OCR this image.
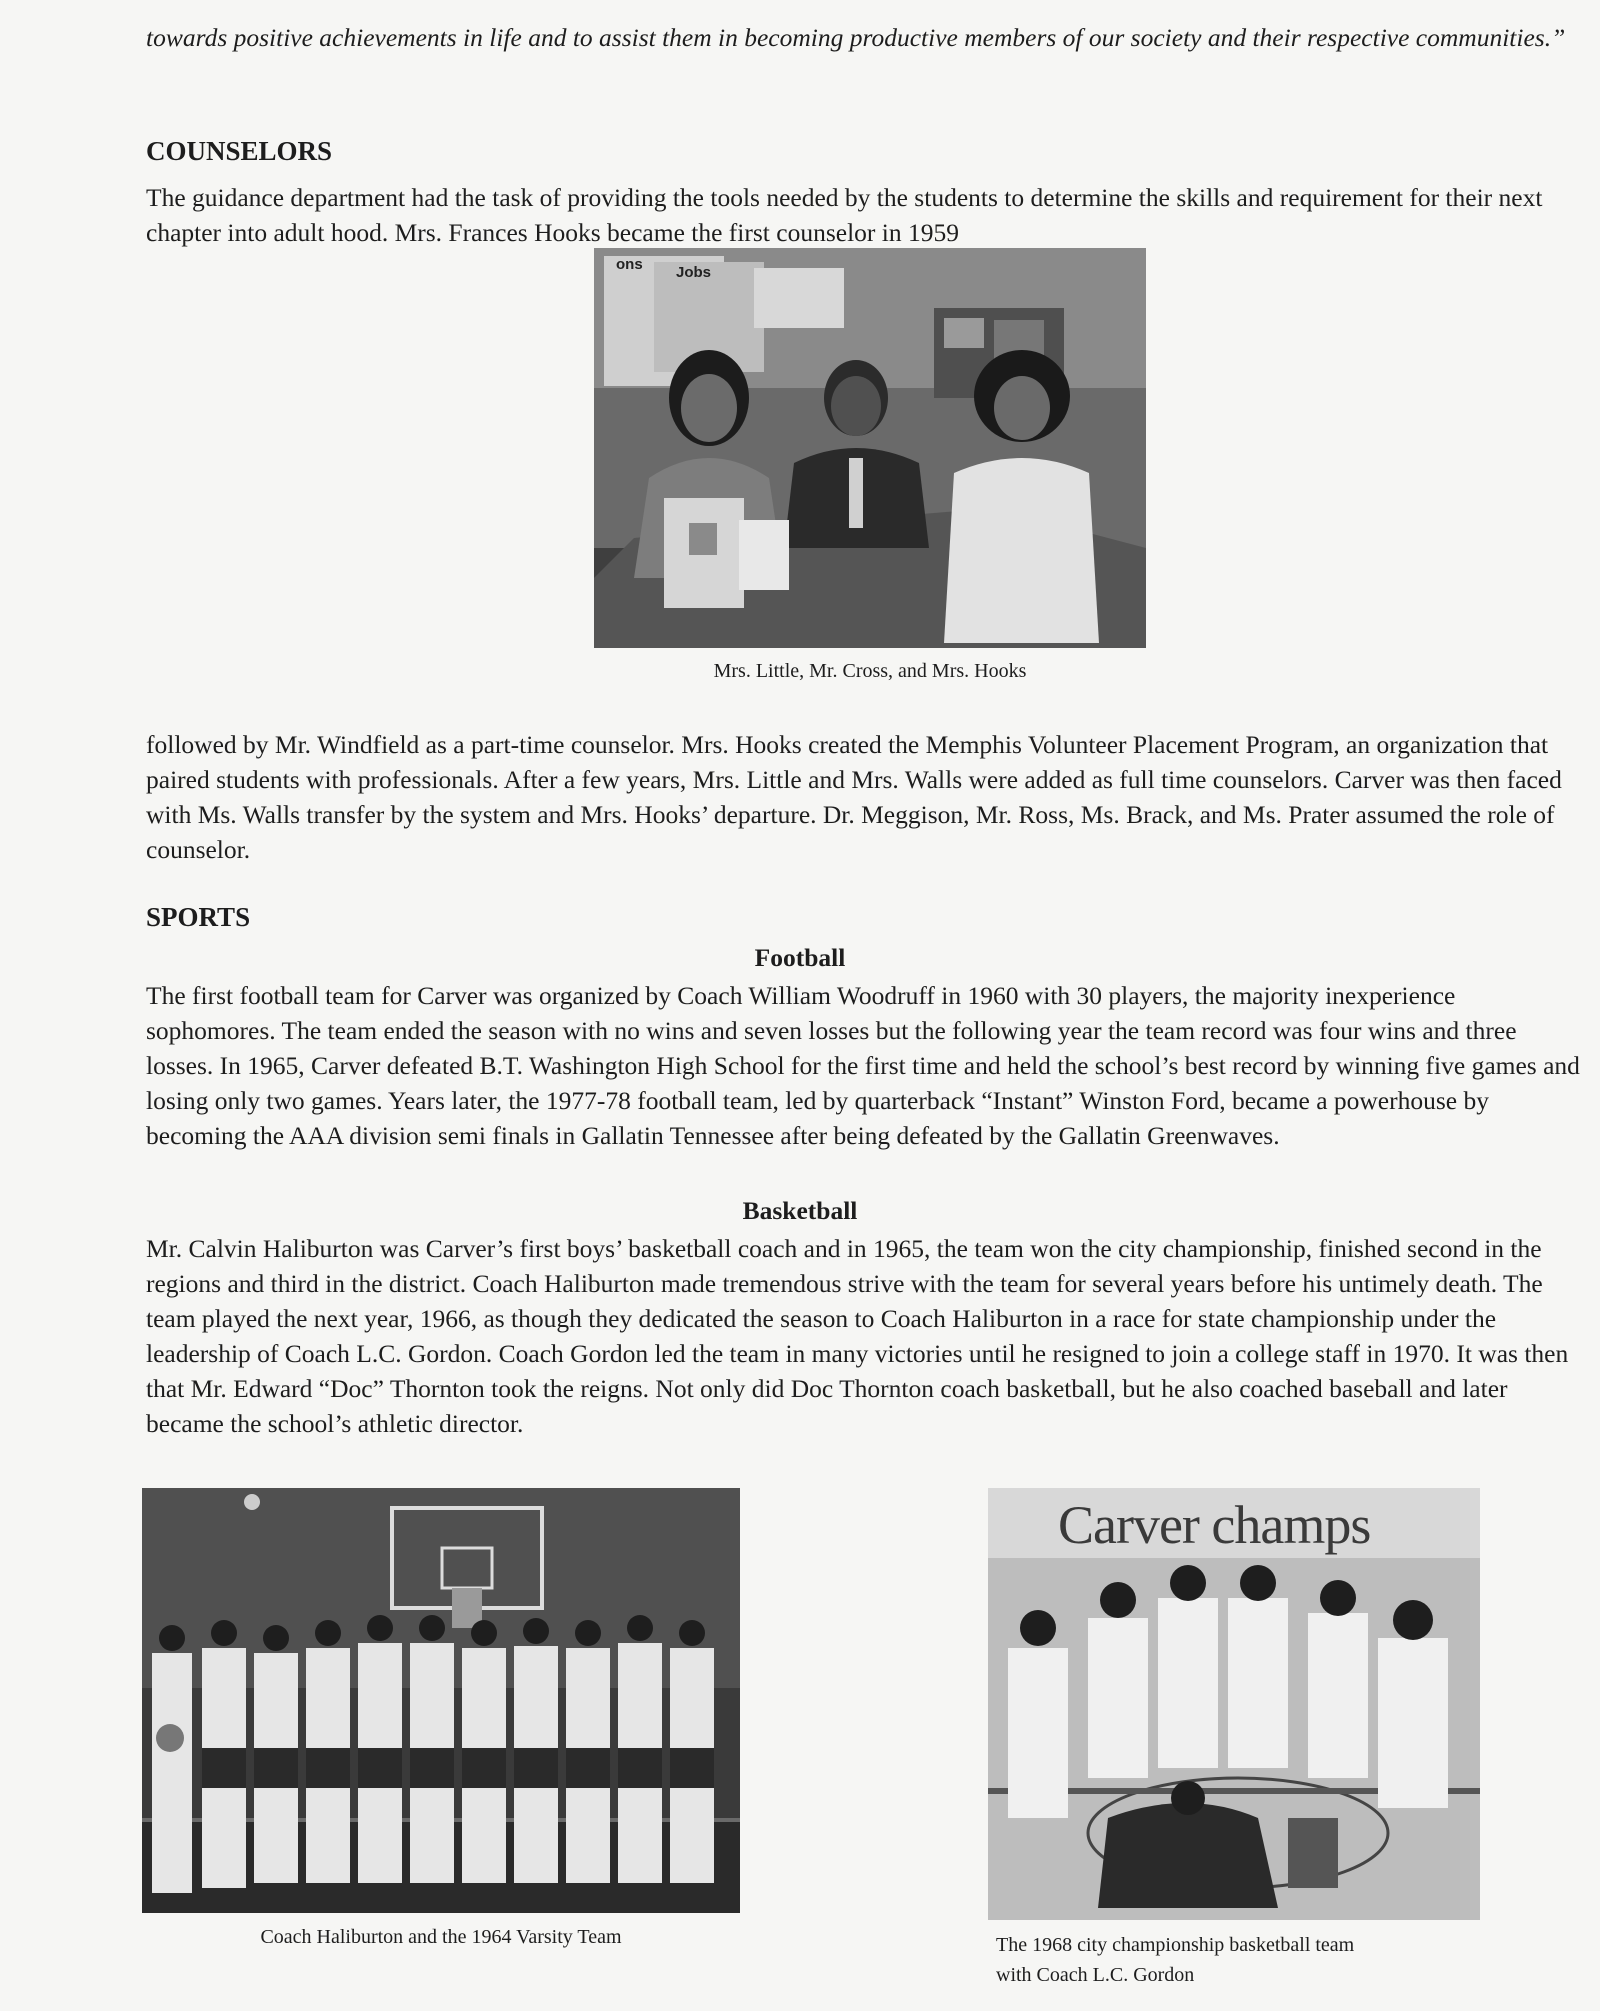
towards positive achievements in life and to assist them in becoming productive members of our society and their respective communities.”
COUNSELORS
The guidance department had the task of providing the tools needed by the students to determine the skills and requirement for their next chapter into adult hood. Mrs. Frances Hooks became the first counselor in 1959
ons Jobs
Mrs. Little, Mr. Cross, and Mrs. Hooks
followed by Mr. Windfield as a part-time counselor. Mrs. Hooks created the Memphis Volunteer Placement Program, an organization that paired students with professionals. After a few years, Mrs. Little and Mrs. Walls were added as full time counselors. Carver was then faced with Ms. Walls transfer by the system and Mrs. Hooks’ departure. Dr. Meggison, Mr. Ross, Ms. Brack, and Ms. Prater assumed the role of counselor.
SPORTS
Football
The first football team for Carver was organized by Coach William Woodruff in 1960 with 30 players, the majority inexperience sophomores. The team ended the season with no wins and seven losses but the following year the team record was four wins and three losses. In 1965, Carver defeated B.T. Washington High School for the first time and held the school’s best record by winning five games and losing only two games. Years later, the 1977-78 football team, led by quarterback “Instant” Winston Ford, became a powerhouse by becoming the AAA division semi finals in Gallatin Tennessee after being defeated by the Gallatin Greenwaves.
Basketball
Mr. Calvin Haliburton was Carver’s first boys’ basketball coach and in 1965, the team won the city championship, finished second in the regions and third in the district. Coach Haliburton made tremendous strive with the team for several years before his untimely death. The team played the next year, 1966, as though they dedicated the season to Coach Haliburton in a race for state championship under the leadership of Coach L.C. Gordon. Coach Gordon led the team in many victories until he resigned to join a college staff in 1970. It was then that Mr. Edward “Doc” Thornton took the reigns. Not only did Doc Thornton coach basketball, but he also coached baseball and later became the school’s athletic director.
Coach Haliburton and the 1964 Varsity Team
Carver champs
The 1968 city championship basketball team
with Coach L.C. Gordon
